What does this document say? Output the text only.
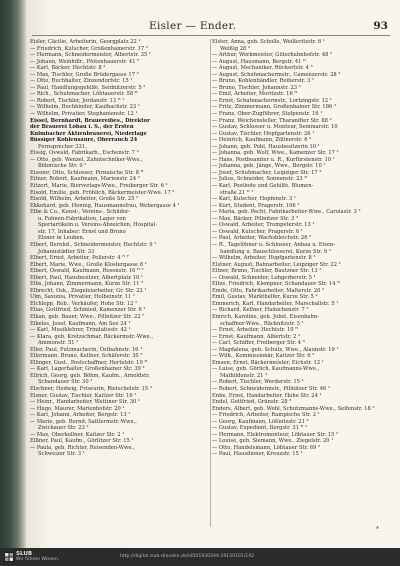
Eisler — Ender.	93
Eisler, Cäcilie, Arbeiterin, Georgplatz 22 ¹
— Friedrich, Kutscher, Großenhainerstr. 17 ²
— Hermann, Schneidermeister, Albertstr. 35 ¹
— Johann, Weinhdlr., Pfotenhauerstr. 41 ᴾ
— Karl, Bäcker, Hechtstr. 8 ²
— Max, Tischler, Große Brüdergasse 17 ³
— Otto, Buchhalter, Zinzendorfstr. 15 ¹
— Paul, Handlungsgehilfe, Seidnitzerstr. 5 ²
— Rich., Schuhmacher, Löbtauerstr. 58 ᴴ
— Robert, Tischler, Jordanstr. 13 ᴴ ¹
— Wilhelm, Buchbinder, Kaulbachstr. 23 ¹
— Wilhelm, Privatier, Stephanienstr. 12 ¹
Eissel, Bernhardt, Brauereibes., Direktor
der Brauerei Löbau i. S., der Ersten
Kulmbacher Aktienbrauerei, Niederlage
flüssiger Kohlensäure, Oberrauch 24
Fernsprecher 331.
Eissig, Oswald, Fabrikarb., Eschenstr. 7 ³
— Otto, geb. Wenzel, Zahntechniker-Wwe.,
Böhmische Str. 9 ²
Eissner, Otto, Schlosser, Pirnaische Str. 8 ᴴ
Eitner, Robert, Kaufmann, Marienstr. 24 ²
Eitzert, Marie, Bierverlags-Wwe., Freiberger Str. 6 ¹
Eisold, Emilie, geb. Fröhlich, Bäckermeister-Wwe. 17 ³
Eisold, Wilhelm, Arbeiter, Große Str. 25 ²
Ekkehard, geb. Hennig, Hausmannsfrau, Webergasse 4 ¹
Elbe & Co., Kunst-, Vereins-, Schilder-
u. Fahnen-Fabrikation, Lager von
Sportartikeln u. Vereins-Abzeichen, Hospital-
str. 17, Inhaber: Ernst und Bruno
Elsner in Leuben.
Elbert, Bernhd., Schneidermeister, Hechtstr. 9 ¹
Johannstädter Str. 33
Elbert, Ernst, Arbeiter, Polierstr. 4 ᴴ ᴾ
Elbert, Marie, Wwe., Große Klostergasse 8 ¹
Elbert, Oswald, Kaufmann, Rosenstr. 16 ᴴ ²
Elbert, Paul, Hausbesitzer, Albertplatz 10 ¹
Elbs, Johann, Zimmermann, Kurze Str. 11 ²
Elbrecht, Osk., Ziegeleiarbeiter, Gr. Str. 22 ¹
Ulm, Saxonia, Privatier, Holbeinstr. 11 ¹
Elchlepp, Rob., Verkäufer, Hohe Str. 12 ¹
Elias, Gottfried, Schmied, Kamenzer Str. 6 ²
Elkan, geb. Bauer, Wwe., Pillnitzer Str. 22 ᴾ
Elkeles, Josef, Kaufmann, Am See 24 ¹
— Karl, Musiklehrer, Trinitatisstr. 42 ¹
— Klara, geb. Kretzschmar, Bäckermstr.-Wwe.,
Ammonstr. 51 ²
Eller, Paul, Putzmacherin, Ostbahnstr. 16 ¹
Ellermann, Bruno, Kellner, Schäferstr. 30 ²
Ellinger, Gust., Postschaffner, Hertelstr. 10 ᴴ
— Karl, Lagerhalter, Großenhainer Str. 39 ²
Ellrich, Georg, geb. Böhm, Kaufm., Arnoldstr.
Schandauer Str. 30 ²
Elschner, Hedwig, Friseurin, Rietschelstr. 15 ³
Elsner, Gustav, Tischler, Kaitzer Str. 16 ¹
— Heinr., Handarbeiter, Wettiner Str. 30 ¹
— Hugo, Maurer, Marienhofstr. 20 ¹
— Karl, Johann, Arbeiter, Bergstr. 13 ¹
— Marie, geb. Bernd, Sattlermstr.-Wwe.,
Zwickauer Str. 23 ²
— Max, Oberkellner, Kaitzer Str. 2 ¹
Elßner, Paul, Kaufm., Görlitzer Str. 15 ¹
— Paula, geb. Richter, Reisenden-Wwe.,
Schweizer Str. 3 ¹
Elster, Anna, geb. Scholle, Weißeritzstr. 6 ¹
Weißig 28 ²
— Arthur, Werkmeister, Güterbahnhofstr. 48 ²
— August, Hausmann, Bergstr. 41 ᴴ
— August, Mechaniker, Rückertstr. 4 ³
— August, Schuhmachermstr., Camenzerstr. 28 ²
— Bruno, Kohlenhändler, Reiherstr. 3 ¹
— Bruno, Tischler, Johannstr. 23 ²
— Emil, Arbeiter, Moritzstr. 16 ᴴ
— Ernst, Schuhmachermstr., Lortzingstr. 12 ¹
— Fritz, Zimmermann, Großenhainer Str. 186 ²
— Franz, Ober-Zugführer, Stolpenstr. 16 ¹
— Franz, Weichensteller, Tharandter Str. 88 ²
— Gustav, Schlosser u. Monteur, Seminarstr. 10
— Gustav, Tischler, Hopfgartenstr. 26 ¹
— Heinrich, Kaufmann, Zöllnerstr. 6 ²
— Johann, geb. Pohl, Hausbesitzerin 10 ¹
— Johanna, geb. Wolf, Wwe., Kamenzer Str. 17 ²
— Hans, Postbeamter u. R., Kurfürstenstr. 10 ¹
— Johanna, geb. Jänge, Wwe., Bergstr. 10 ¹
— Josef, Schuhmacher, Leipziger Str. 17 ²
— Julius, Schneider, Sonnenstr. 23 ᴴ
— Karl, Postbote und Gehilfe, Blumen-
straße 21 ᴴ ¹
— Karl, Kutscher, Hopfenstr. 3 ¹
— Kurt, Student, Pragerstr. 106 ¹
— Maria, geb. Pecht, Fabrikarbeiter-Wwe., Carolastr. 3 ²
— Max, Bäcker, Pillnitzer Str. 3 ²
— Oswald, Arbeiter, Trompeterstr. 13 ¹
— Oswald, Kutscher, Pragerstr. 6 ¹
— Paul, Arbeiter, Wachsbleichstr. 26 ²
— R., Tagelöhner u. Schlosser, Anbau u. Eisen-
handlung u. Bauschlosserei, Kurze Str. 9 ²
— Wilhelm, Arbeiter, Hopfgartenstr. 8 ¹
Elstner, August, Bahnarbeiter, Leipziger Str. 22 ²
Eltner, Bruno, Tischler, Bautzner Str. 13 ²
— Oswald, Schneider, Lohgerberstr. 5 ¹
Eltze, Friedrich, Klempner, Schandauer Str. 14 ᴴ
Emde, Otto, Fabrikarbeiter, Malterstr. 20 ²
Emil, Gustav, Markthelfer, Kurze Str. 5 ²
Emmerich, Karl, Handarbeiter, Marschallstr. 5 ¹
— Richard, Kellner, Hainichenstr. 7 ²
Emrich, Karoline, geb. Jobst, Eisenbahn-
schaffner-Wwe., Räcknitzstr. 5 ¹
— Ernst, Arbeiter, Hechtstr. 10 ᴴ
— Ernst, Kaufmann, Albertstr. 2 ³
— Carl, Schiffer, Freiberger Str. 4 ³
— Magdalena, geb. Schulz, Wwe., Alaunstr. 19 ¹
— Wilh., Kommissionär, Kaitzer Str. 6 ²
Emsen, Ernst, Bäckermeister, Eichstr. 12 ¹
— Luise, geb. Görlich, Kaufmanns-Wwe.,
Mathildenstr. 21 ²
— Robert, Tischler, Werderstr. 15 ¹
— Robert, Schneidermstr., Pillnitzer Str. 46 ¹
Enbe, Ernst, Handarbeiter, Hohe Str. 24 ¹
Endel, Gottfried, Grünstr. 28 ³
Enders, Albert, geb. Wohl, Schutzmanns-Wwe., Seifenstr. 18 ²
— Friedrich, Arbeiter, Rampische Str. 2 ¹
— Georg, Kaufmann, Lößnitzstr. 21 ³
— Gustav, Expedient, Bergstr. 31 ᴴ ²
— Hermann, Elektromonteur, Löbtauer Str. 15 ²
— Louise, geb. Siemann, Wwe., Ziegelstr. 20 ¹
— Otto, Handelsmann, Löbtauer Str. 69 ²
— Paul, Hausdiener, Kreuzstr. 15 ¹
*
SLUB
Wir führen Wissen.
http://digital.slub-dresden.de/id50193034X-19150101/142
